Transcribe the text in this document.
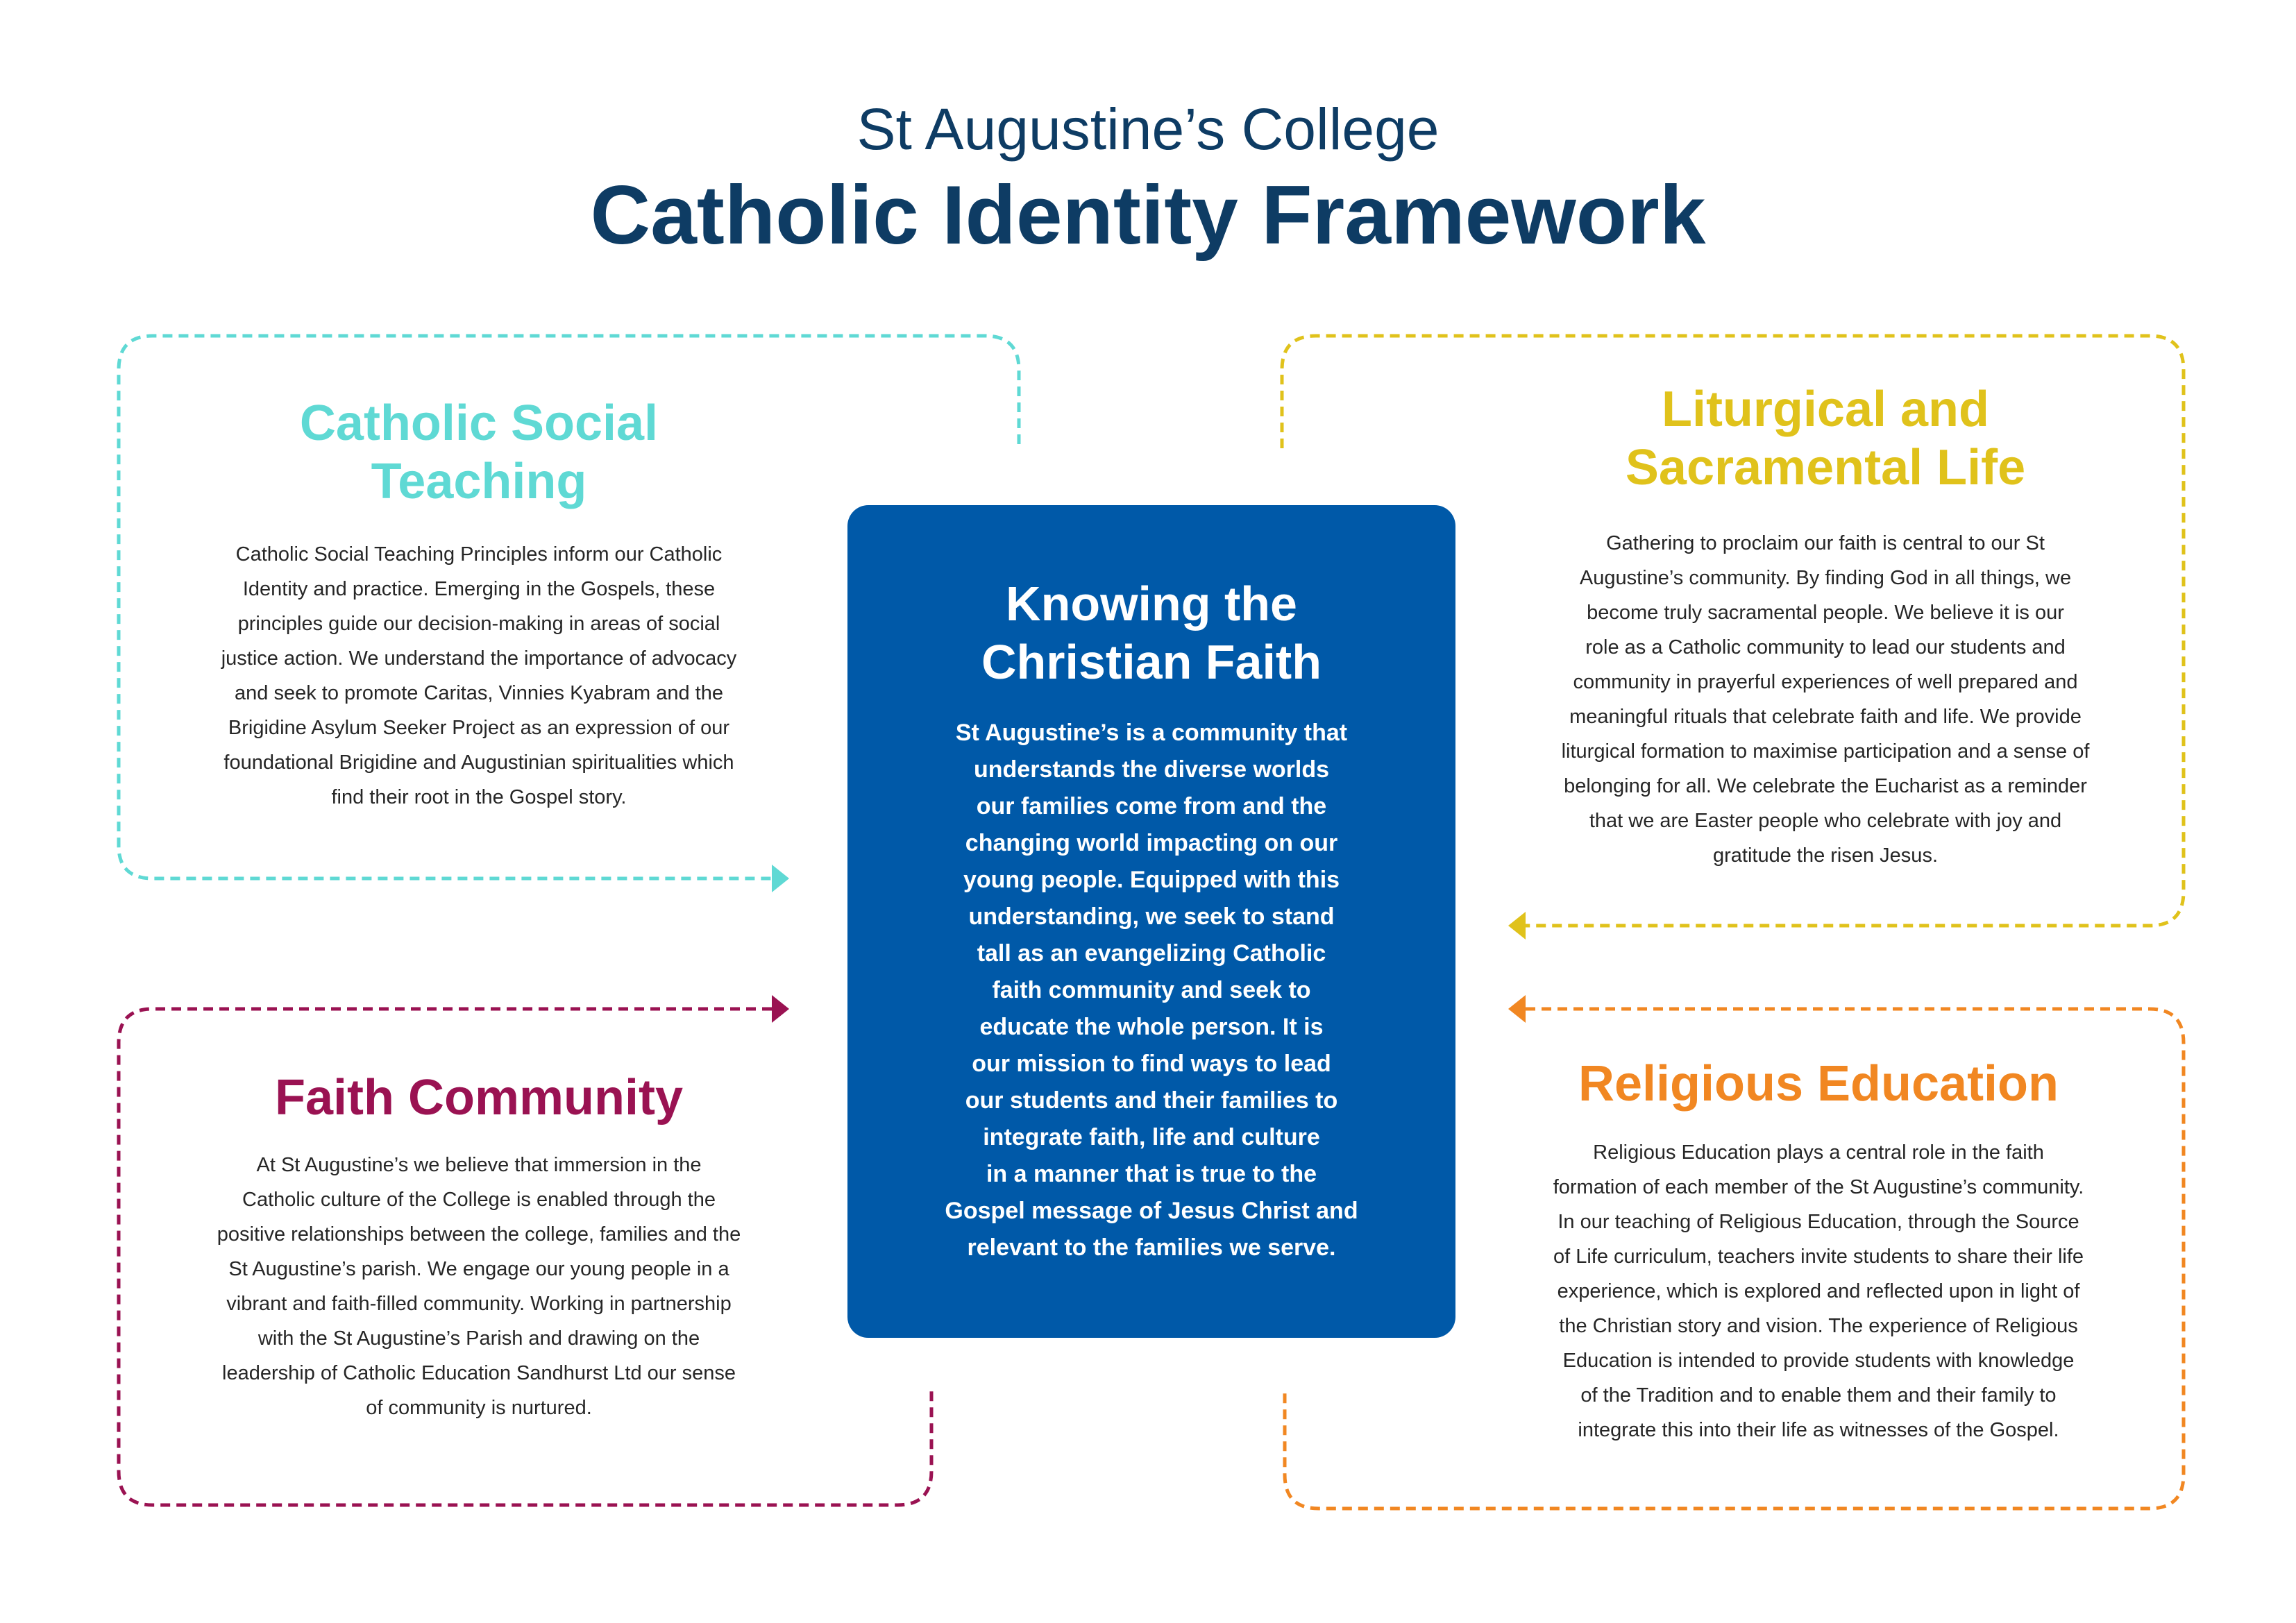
St Augustine’s College
Catholic Identity Framework

Catholic Social
Teaching

Catholic Social Teaching Principles inform our Catholic
Identity and practice. Emerging in the Gospels, these
principles guide our decision-making in areas of social
justice action. We understand the importance of advocacy
and seek to promote Caritas, Vinnies Kyabram and the
Brigidine Asylum Seeker Project as an expression of our
foundational Brigidine and Augustinian spiritualities which
find their root in the Gospel story.

Liturgical and
Sacramental Life

Gathering to proclaim our faith is central to our St
Augustine’s community. By finding God in all things, we
become truly sacramental people. We believe it is our
role as a Catholic community to lead our students and
community in prayerful experiences of well prepared and
meaningful rituals that celebrate faith and life. We provide
liturgical formation to maximise participation and a sense of
belonging for all. We celebrate the Eucharist as a reminder
that we are Easter people who celebrate with joy and
gratitude the risen Jesus.

Faith Community

At St Augustine’s we believe that immersion in the
Catholic culture of the College is enabled through the
positive relationships between the college, families and the
St Augustine’s parish. We engage our young people in a
vibrant and faith-filled community. Working in partnership
with the St Augustine’s Parish and drawing on the
leadership of Catholic Education Sandhurst Ltd our sense
of community is nurtured.

Religious Education

Religious Education plays a central role in the faith
formation of each member of the St Augustine’s community.
In our teaching of Religious Education, through the Source
of Life curriculum, teachers invite students to share their life
experience, which is explored and reflected upon in light of
the Christian story and vision. The experience of Religious
Education is intended to provide students with knowledge
of the Tradition and to enable them and their family to
integrate this into their life as witnesses of the Gospel.

Knowing the
Christian Faith

St Augustine’s is a community that
understands the diverse worlds
our families come from and the
changing world impacting on our
young people. Equipped with this
understanding, we seek to stand
tall as an evangelizing Catholic
faith community and seek to
educate the whole person. It is
our mission to find ways to lead
our students and their families to
integrate faith, life and culture
in a manner that is true to the
Gospel message of Jesus Christ and
relevant to the families we serve.
